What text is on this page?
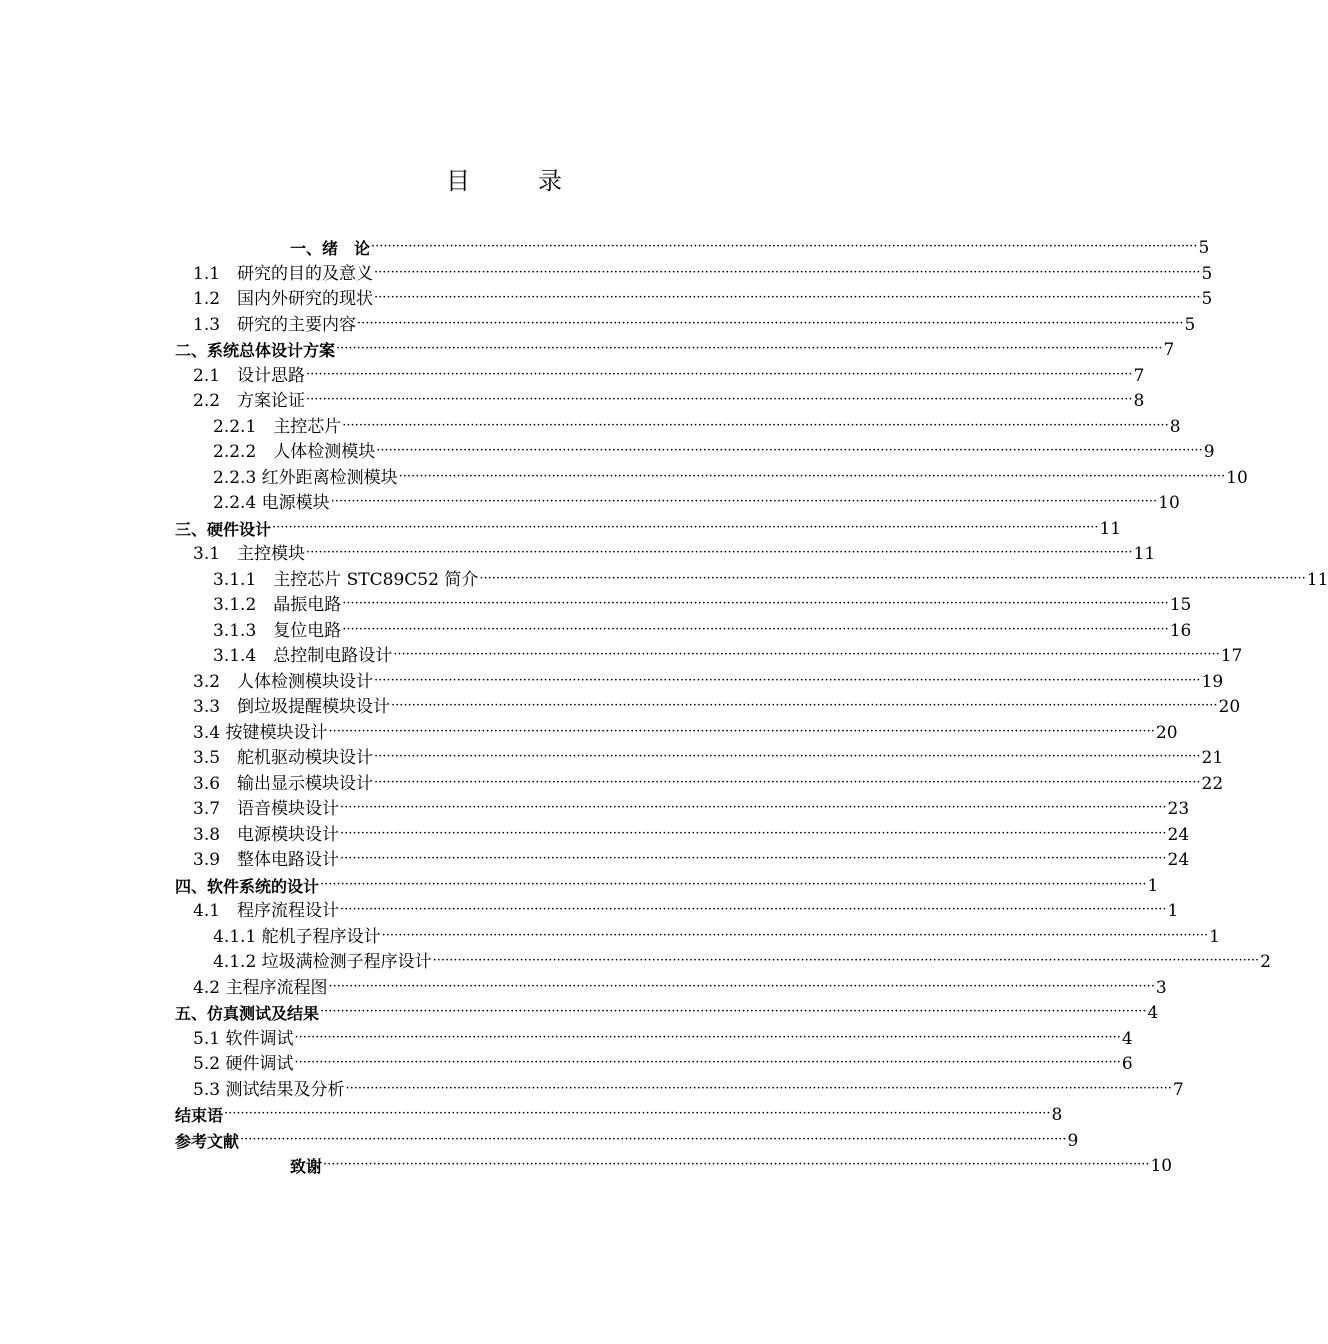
目　录
一、绪　论 ········································································································································································································ 5
1.1　研究的目的及意义 ········································································································································································································ 5
1.2　国内外研究的现状 ········································································································································································································ 5
1.3　研究的主要内容 ········································································································································································································ 5
二、系统总体设计方案 ········································································································································································································ 7
2.1　设计思路 ········································································································································································································ 7
2.2　方案论证 ········································································································································································································ 8
2.2.1　主控芯片 ········································································································································································································ 8
2.2.2　人体检测模块 ········································································································································································································ 9
2.2.3 红外距离检测模块 ········································································································································································································ 10
2.2.4 电源模块 ········································································································································································································ 10
三、硬件设计 ········································································································································································································ 11
3.1　主控模块 ········································································································································································································ 11
3.1.1　主控芯片 STC89C52 简介 ········································································································································································································ 11
3.1.2　晶振电路 ········································································································································································································ 15
3.1.3　复位电路 ········································································································································································································ 16
3.1.4　总控制电路设计 ········································································································································································································ 17
3.2　人体检测模块设计 ········································································································································································································ 19
3.3　倒垃圾提醒模块设计 ········································································································································································································ 20
3.4 按键模块设计 ········································································································································································································ 20
3.5　舵机驱动模块设计 ········································································································································································································ 21
3.6　输出显示模块设计 ········································································································································································································ 22
3.7　语音模块设计 ········································································································································································································ 23
3.8　电源模块设计 ········································································································································································································ 24
3.9　整体电路设计 ········································································································································································································ 24
四、软件系统的设计 ········································································································································································································ 1
4.1　程序流程设计 ········································································································································································································ 1
4.1.1 舵机子程序设计 ········································································································································································································ 1
4.1.2 垃圾满检测子程序设计 ········································································································································································································ 2
4.2 主程序流程图 ········································································································································································································ 3
五、仿真测试及结果 ········································································································································································································ 4
5.1 软件调试 ········································································································································································································ 4
5.2 硬件调试 ········································································································································································································ 6
5.3 测试结果及分析 ········································································································································································································ 7
结束语 ········································································································································································································ 8
参考文献 ········································································································································································································ 9
致谢 ········································································································································································································ 10
